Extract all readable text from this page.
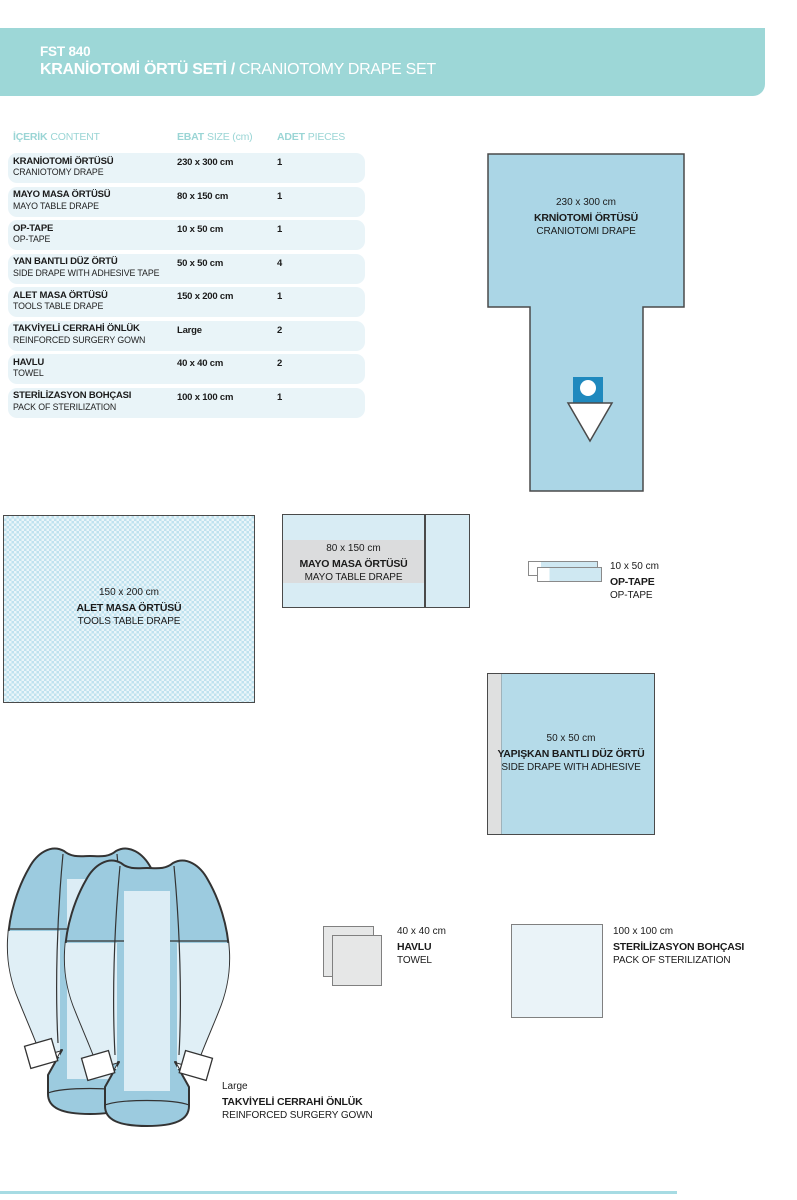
FST 840
KRANİOTOMİ ÖRTÜ SETİ / CRANIOTOMY DRAPE SET
İÇERİK CONTENT	EBAT SIZE (cm) ADET PIECES
KRANİOTOMİ ÖRTÜSÜ
CRANIOTOMY DRAPE
230 x 300 cm	1
MAYO MASA ÖRTÜSÜ
MAYO TABLE DRAPE
80 x 150 cm	1
OP-TAPE
OP-TAPE
10 x 50 cm	1
YAN BANTLI DÜZ ÖRTÜ
SIDE DRAPE WITH ADHESIVE TAPE
50 x 50 cm	4
ALET MASA ÖRTÜSÜ
TOOLS TABLE DRAPE
150 x 200 cm	1
TAKVİYELİ CERRAHİ ÖNLÜK
REINFORCED SURGERY GOWN
Large	2
HAVLU
TOWEL
40 x 40 cm	2
STERİLİZASYON BOHÇASI
PACK OF STERILIZATION
100 x 100 cm	1
230 x 300 cm
KRNİOTOMİ ÖRTÜSÜ
CRANIOTOMI DRAPE
150 x 200 cm
ALET MASA ÖRTÜSÜ
TOOLS TABLE DRAPE
80 x 150 cm
MAYO MASA ÖRTÜSÜ
MAYO TABLE DRAPE
10 x 50 cm
OP-TAPE
OP-TAPE
50 x 50 cm
YAPIŞKAN BANTLI DÜZ ÖRTÜ
SIDE DRAPE WITH ADHESIVE
Large
TAKVİYELİ CERRAHİ ÖNLÜK
REINFORCED SURGERY GOWN
40 x 40 cm
HAVLU
TOWEL
100 x 100 cm
STERİLİZASYON BOHÇASI
PACK OF STERILIZATION
